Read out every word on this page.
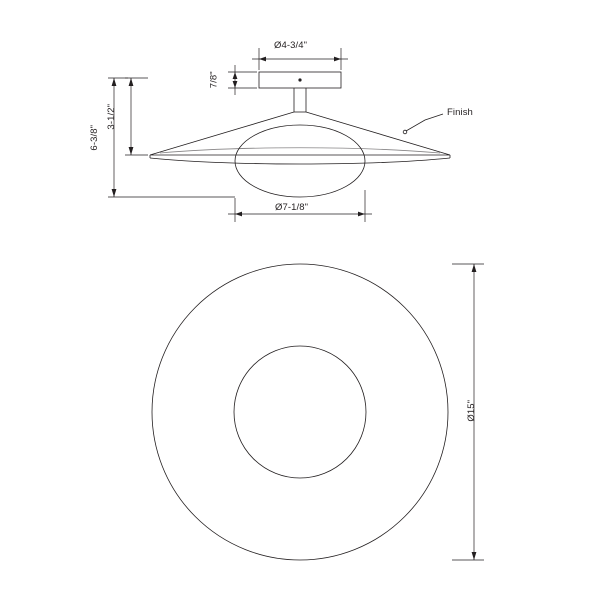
Ø4-3/4"
7/8"
3-1/2"
6-3/8"
Ø7-1/8"
Ø15"
Finish
